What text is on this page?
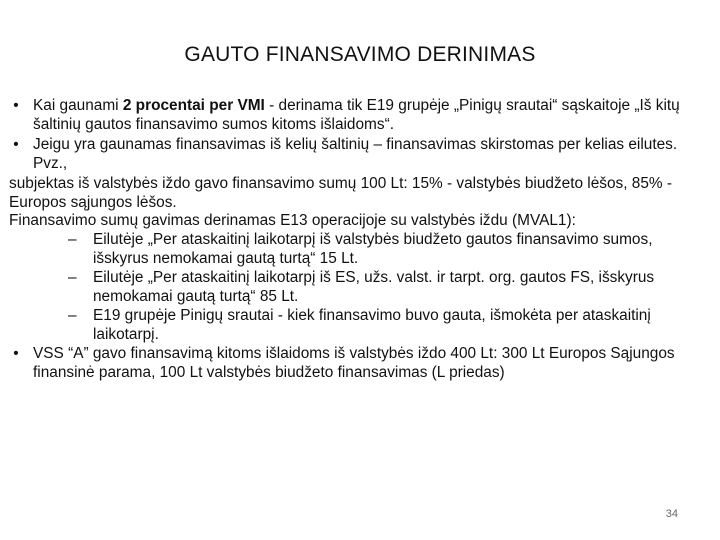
GAUTO FINANSAVIMO DERINIMAS
• Kai gaunami 2 procentai per VMI - derinama tik E19 grupėje „Pinigų srautai“ sąskaitoje „Iš kitų šaltinių gautos finansavimo sumos kitoms išlaidoms“.
• Jeigu yra gaunamas finansavimas iš kelių šaltinių – finansavimas skirstomas per kelias eilutes. Pvz.,

subjektas iš valstybės iždo gavo finansavimo sumų 100 Lt: 15% - valstybės biudžeto lėšos, 85% - Europos sąjungos lėšos.

Finansavimo sumų gavimas derinamas E13 operacijoje su valstybės iždu (MVAL1):

– Eilutėje „Per ataskaitinį laikotarpį iš valstybės biudžeto gautos finansavimo sumos, išskyrus nemokamai gautą turtą“ 15 Lt.
– Eilutėje „Per ataskaitinį laikotarpį iš ES, užs. valst. ir tarpt. org. gautos FS, išskyrus nemokamai gautą turtą“ 85 Lt.
– E19 grupėje Pinigų srautai - kiek finansavimo buvo gauta, išmokėta per ataskaitinį laikotarpį.
• VSS “A” gavo finansavimą kitoms išlaidoms iš valstybės iždo 400 Lt: 300 Lt Europos Sąjungos finansinė parama, 100 Lt valstybės biudžeto finansavimas (L priedas)
34
